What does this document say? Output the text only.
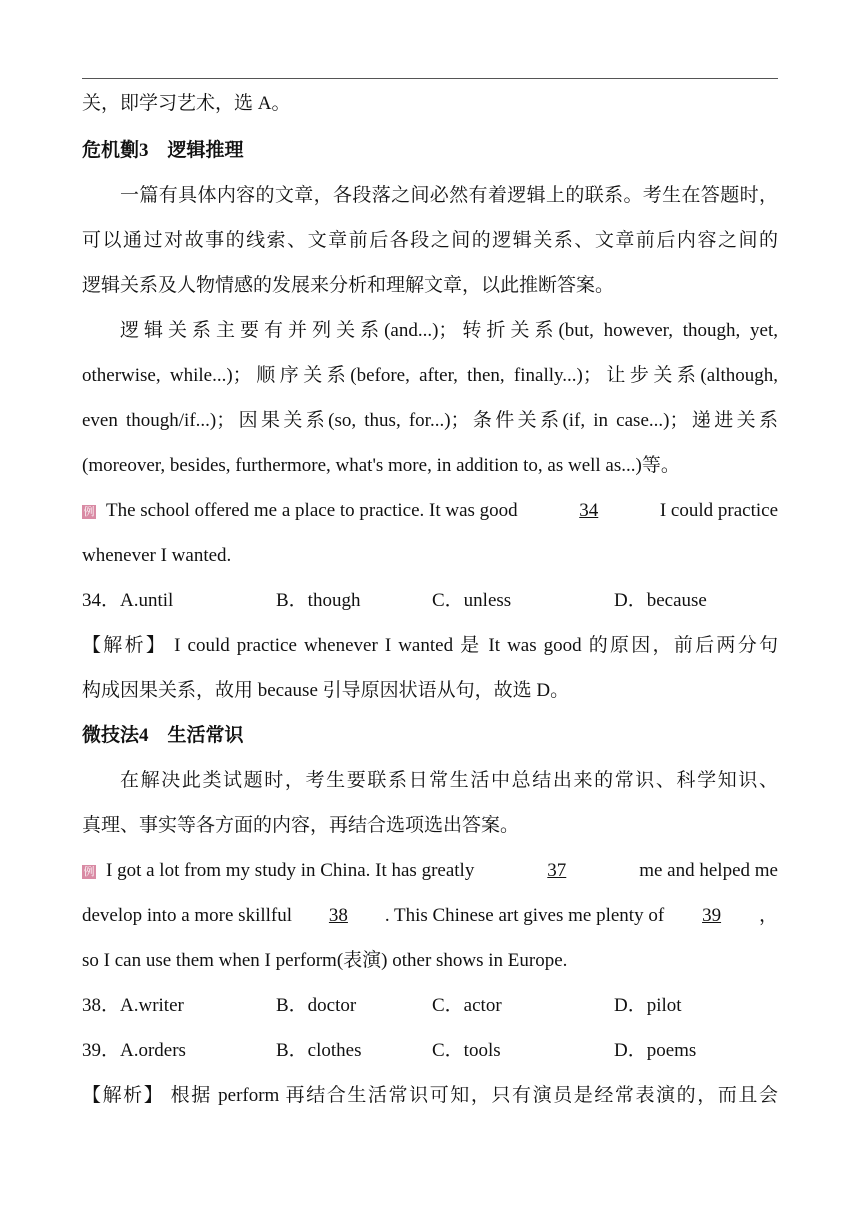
关，即学习艺术，选 A。
危机劐3　逻辑推理
一篇有具体内容的文章，各段落之间必然有着逻辑上的联系。考生在答题时，
可以通过对故事的线索、文章前后各段之间的逻辑关系、文章前后内容之间的
逻辑关系及人物情感的发展来分析和理解文章，以此推断答案。
逻辑关系主要有并列关系(and...)；转折关系(but, however, though, yet,
otherwise, while...)；顺序关系(before, after, then, finally...)；让步关系(although,
even though/if...)；因果关系(so, thus, for...)；条件关系(if, in case...)；递进关系
(moreover, besides, furthermore, what's more, in addition to, as well as...)等。
例 The school offered me a place to practice. It was good	34	I could practice
whenever I wanted.
34．A.until	B．though	C．unless	D．because
【解析】 I could practice whenever I wanted 是 It was good 的原因，前后两分句
构成因果关系，故用 because 引导原因状语从句，故选 D。
微技法4　生活常识
在解决此类试题时，考生要联系日常生活中总结出来的常识、科学知识、
真理、事实等各方面的内容，再结合选项选出答案。
例 I got a lot from my study in China. It has greatly	37	me and helped me
develop into a more skillful	38	. This Chinese art gives me plenty of	39	，
so I can use them when I perform(表演) other shows in Europe.
38．A.writer	B．doctor	C．actor	D．pilot
39．A.orders	B．clothes	C．tools	D．poems
【解析】 根据 perform 再结合生活常识可知，只有演员是经常表演的，而且会
